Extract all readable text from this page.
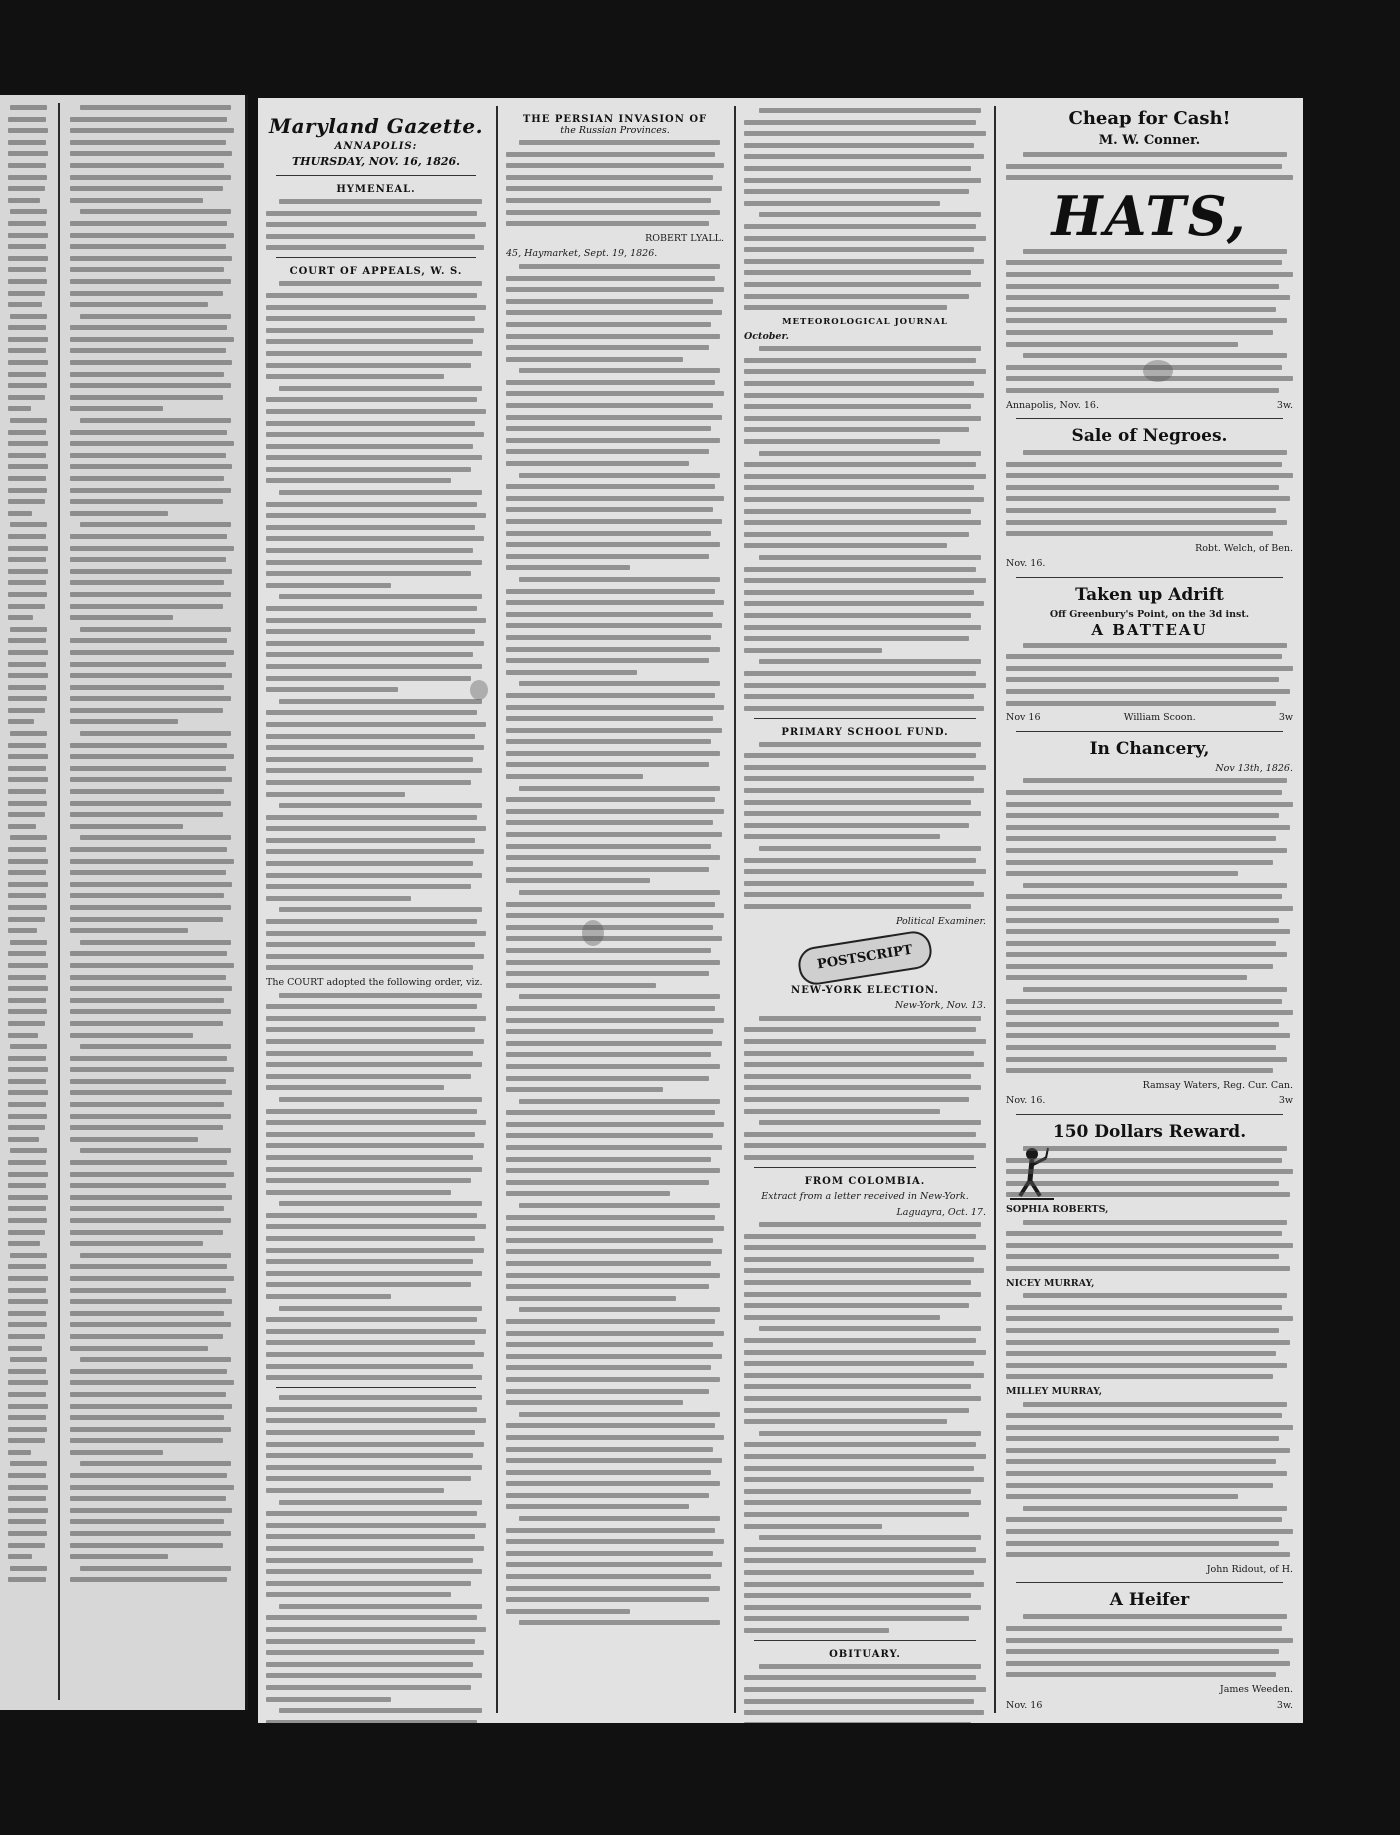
Maryland Gazette.
ANNAPOLIS:
THURSDAY, NOV. 16, 1826.
HYMENEAL.
COURT OF APPEALS, W. S.
The COURT adopted the following order, viz.
THE PERSIAN INVASION OF
the Russian Provinces.
ROBERT LYALL.
45, Haymarket, Sept. 19, 1826.
Cheap for Cash!
M. W. Conner.
HATS,
Annapolis, Nov. 16.	3w.
Sale of Negroes.
Robt. Welch, of Ben.
Nov. 16.
Taken up Adrift
Off Greenbury's Point, on the 3d inst.
A BATTEAU
Nov 16	William Scoon.	3w
In Chancery,
Nov 13th, 1826.
Ramsay Waters, Reg. Cur. Can.
Nov. 16.	3w
150 Dollars Reward.
SOPHIA ROBERTS,
NICEY MURRAY,
MILLEY MURRAY,
John Ridout, of H.
A Heifer
James Weeden.
Nov. 16	3w.
METEOROLOGICAL JOURNAL
October.
PRIMARY SCHOOL FUND.
Political Examiner.
POSTSCRIPT
NEW-YORK ELECTION.
New-York, Nov. 13.
FROM COLOMBIA.
Extract from a letter received in New-York.
Laguayra, Oct. 17.
OBITUARY.
